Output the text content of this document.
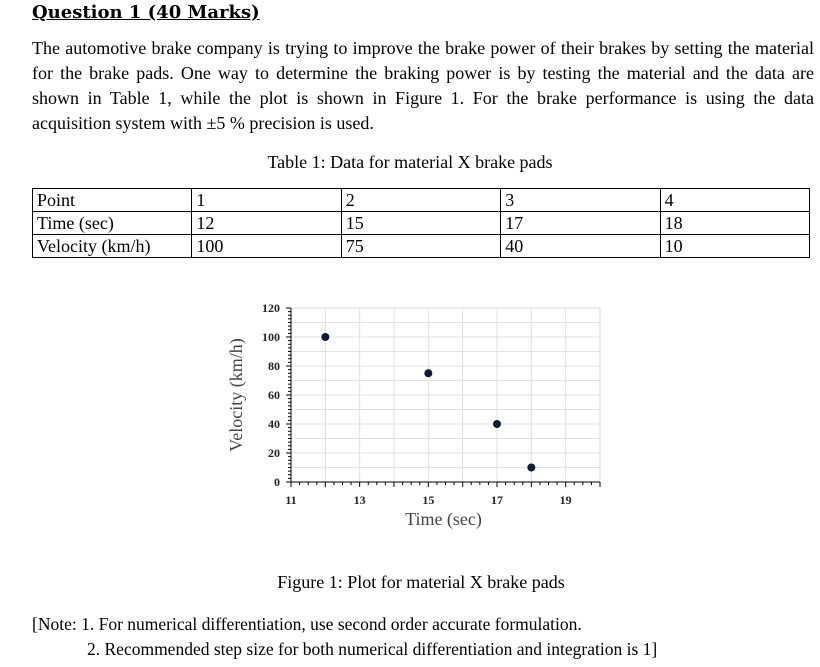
Question 1 (40 Marks)
The automotive brake company is trying to improve the brake power of their brakes by setting the material for the brake pads. One way to determine the braking power is by testing the material and the data are shown in Table 1, while the plot is shown in Figure 1. For the brake performance is using the data acquisition system with ±5 % precision is used.
Table 1: Data for material X brake pads
Point	1	2	3	4
Time (sec)	12	15	17	18
Velocity (km/h)	100	75	40	10
0
20
40
60
80
100
120
11	13	15	17	19
Time (sec)
Velocity (km/h)
Figure 1: Plot for material X brake pads
[Note: 1. For numerical differentiation, use second order accurate formulation.
2. Recommended step size for both numerical differentiation and integration is 1]
